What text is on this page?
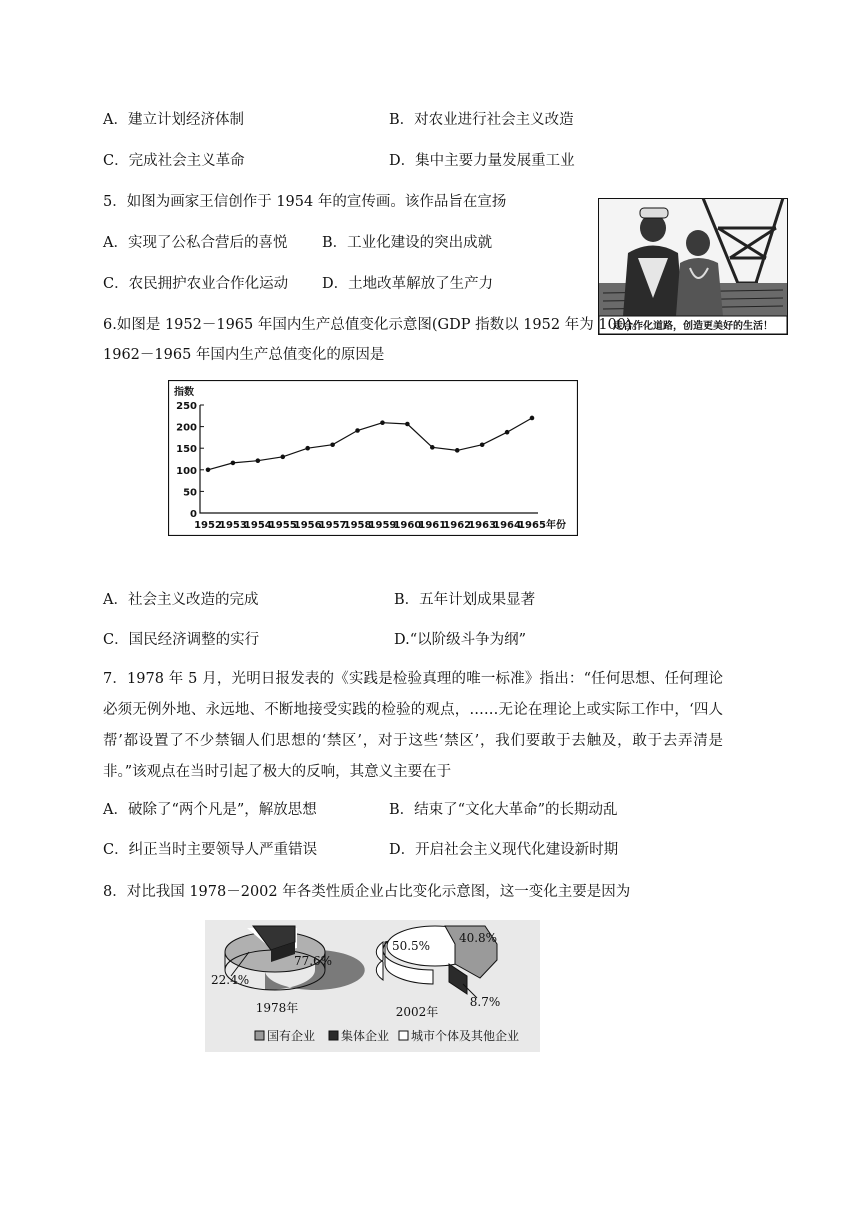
A．建立计划经济体制	B．对农业进行社会主义改造
C．完成社会主义革命	D．集中主要力量发展重工业
5．如图为画家王信创作于 1954 年的宣传画。该作品旨在宣扬
A．实现了公私合营后的喜悦 B．工业化建设的突出成就
C．农民拥护农业合作化运动 D．土地改革解放了生产力
走合作化道路，创造更美好的生活！
6.如图是 1952－1965 年国内生产总值变化示意图(GDP 指数以 1952 年为 100)。
1962－1965 年国内生产总值变化的原因是
指数
0
50
100
150
200
250
1952
1953
1954
1955
1956
1957
1958
1959
1960
1961
1962
1963
1964
1965 年份
A．社会主义改造的完成	B．五年计划成果显著
C．国民经济调整的实行	D.“以阶级斗争为纲”
7．1978 年 5 月，光明日报发表的《实践是检验真理的唯一标准》指出：“任何思想、任何理论必须无例外地、永远地、不断地接受实践的检验的观点，……无论在理论上或实际工作中，‘四人帮’都设置了不少禁锢人们思想的‘禁区’，对于这些‘禁区’，我们要敢于去触及，敢于去弄清是非。”该观点在当时引起了极大的反响，其意义主要在于
A．破除了“两个凡是”，解放思想	B．结束了“文化大革命”的长期动乱
C．纠正当时主要领导人严重错误	D．开启社会主义现代化建设新时期
8．对比我国 1978－2002 年各类性质企业占比变化示意图，这一变化主要是因为
77.6%
22.4%
1978年
50.5%
40.8%
8.7%
2002年
国有企业 集体企业 城市个体及其他企业
